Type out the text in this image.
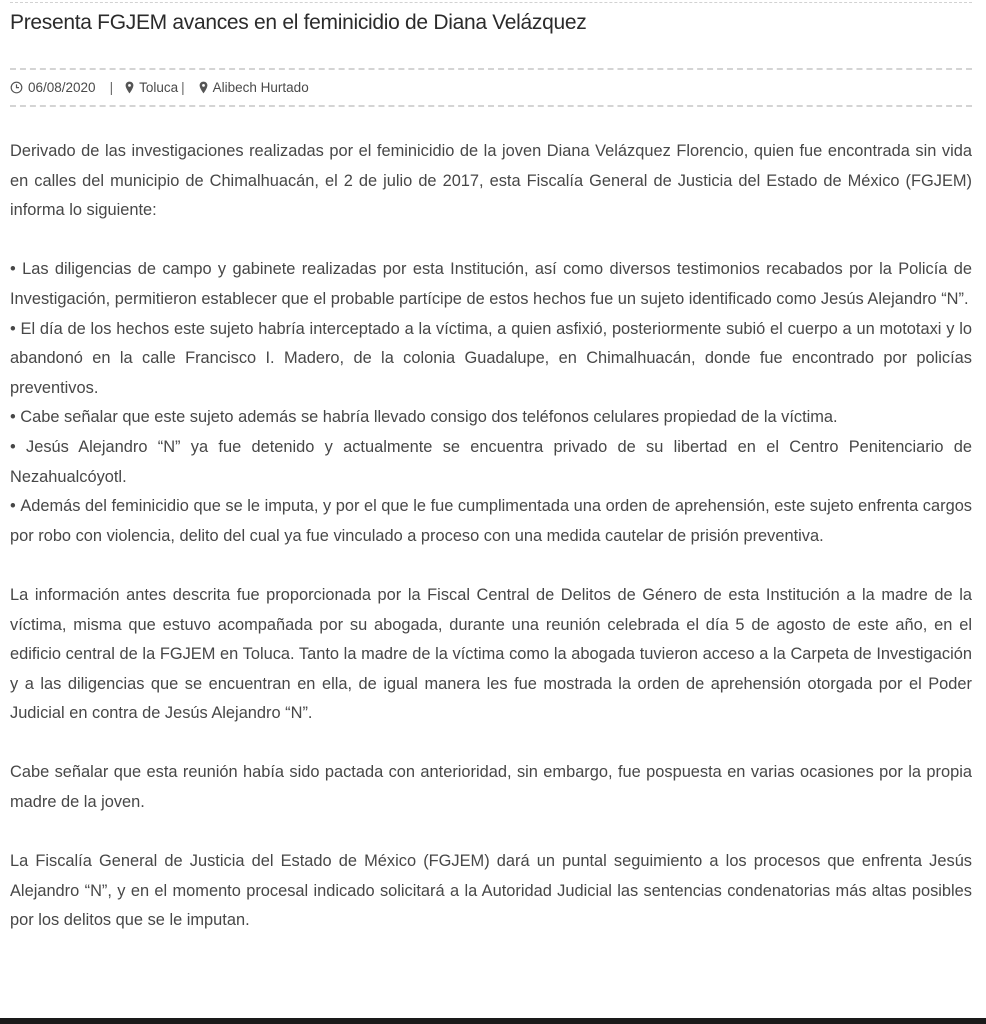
Presenta FGJEM avances en el feminicidio de Diana Velázquez
06/08/2020 | Toluca | Alibech Hurtado

Derivado de las investigaciones realizadas por el feminicidio de la joven Diana Velázquez Florencio, quien fue encontrada sin vida en calles del municipio de Chimalhuacán, el 2 de julio de 2017, esta Fiscalía General de Justicia del Estado de México (FGJEM) informa lo siguiente:

• Las diligencias de campo y gabinete realizadas por esta Institución, así como diversos testimonios recabados por la Policía de Investigación, permitieron establecer que el probable partícipe de estos hechos fue un sujeto identificado como Jesús Alejandro “N”.

• El día de los hechos este sujeto habría interceptado a la víctima, a quien asfixió, posteriormente subió el cuerpo a un mototaxi y lo abandonó en la calle Francisco I. Madero, de la colonia Guadalupe, en Chimalhuacán, donde fue encontrado por policías preventivos.

• Cabe señalar que este sujeto además se habría llevado consigo dos teléfonos celulares propiedad de la víctima.

• Jesús Alejandro “N” ya fue detenido y actualmente se encuentra privado de su libertad en el Centro Penitenciario de Nezahualcóyotl.

• Además del feminicidio que se le imputa, y por el que le fue cumplimentada una orden de aprehensión, este sujeto enfrenta cargos por robo con violencia, delito del cual ya fue vinculado a proceso con una medida cautelar de prisión preventiva.

La información antes descrita fue proporcionada por la Fiscal Central de Delitos de Género de esta Institución a la madre de la víctima, misma que estuvo acompañada por su abogada, durante una reunión celebrada el día 5 de agosto de este año, en el edificio central de la FGJEM en Toluca. Tanto la madre de la víctima como la abogada tuvieron acceso a la Carpeta de Investigación y a las diligencias que se encuentran en ella, de igual manera les fue mostrada la orden de aprehensión otorgada por el Poder Judicial en contra de Jesús Alejandro “N”.

Cabe señalar que esta reunión había sido pactada con anterioridad, sin embargo, fue pospuesta en varias ocasiones por la propia madre de la joven.

La Fiscalía General de Justicia del Estado de México (FGJEM) dará un puntal seguimiento a los procesos que enfrenta Jesús Alejandro “N”, y en el momento procesal indicado solicitará a la Autoridad Judicial las sentencias condenatorias más altas posibles por los delitos que se le imputan.
